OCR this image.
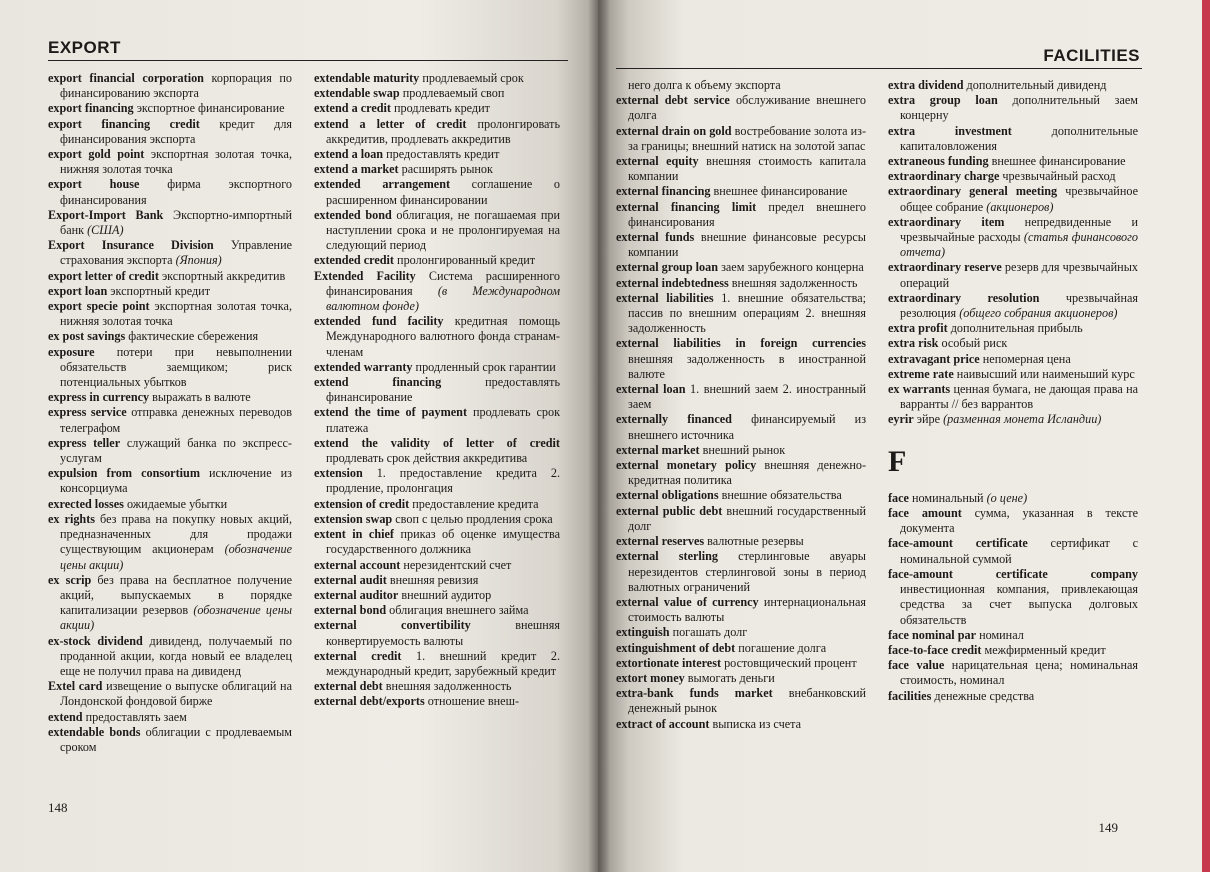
EXPORT
export financial corporation корпорация по финансированию экспорта
export financing экспортное финансирование
export financing credit кредит для финансирования экспорта
export gold point экспортная золотая точка, нижняя золотая точка
export house фирма экспортного финансирования
Export-Import Bank Экспортно-импортный банк (США)
Export Insurance Division Управление страхования экспорта (Япония)
export letter of credit экспортный аккредитив
export loan экспортный кредит
export specie point экспортная золотая точка, нижняя золотая точка
ex post savings фактические сбережения
exposure потери при невыполнении обязательств заемщиком; риск потенциальных убытков
express in currency выражать в валюте
express service отправка денежных переводов телеграфом
express teller служащий банка по экспресс-услугам
expulsion from consortium исключение из консорциума
exrected losses ожидаемые убытки
ex rights без права на покупку новых акций, предназначенных для продажи существующим акционерам (обозначение цены акции)
ex scrip без права на бесплатное получение акций, выпускаемых в порядке капитализации резервов (обозначение цены акции)
ex-stock dividend дивиденд, получаемый по проданной акции, когда новый ее владелец еще не получил права на дивиденд
Extel card извещение о выпуске облигаций на Лондонской фондовой бирже
extend предоставлять заем
extendable bonds облигации с продлеваемым сроком
extendable maturity продлеваемый срок
extendable swap продлеваемый своп
extend a credit продлевать кредит
extend a letter of credit пролонгировать аккредитив, продлевать аккредитив
extend a loan предоставлять кредит
extend a market расширять рынок
extended arrangement соглашение о расширенном финансировании
extended bond облигация, не погашаемая при наступлении срока и не пролонгируемая на следующий период
extended credit пролонгированный кредит
Extended Facility Система расширенного финансирования (в Международном валютном фонде)
extended fund facility кредитная помощь Международного валютного фонда странам-членам
extended warranty продленный срок гарантии
extend financing	предоставлять финансирование
extend the time of payment продлевать срок платежа
extend the validity of letter of credit продлевать срок действия аккредитива
extension 1. предоставление кредита 2. продление, пролонгация
extension of credit предоставление кредита
extension swap своп с целью продления срока
extent in chief приказ об оценке имущества государственного должника
external account нерезидентский счет
external audit внешняя ревизия
external auditor внешний аудитор
external bond облигация внешнего займа
external convertibility	внешняя конвертируемость валюты
external credit 1. внешний кредит 2. международный кредит, зарубежный кредит
external debt внешняя задолженность
external debt/exports отношение внеш-
148
FACILITIES
него долга к объему экспорта
external debt service обслуживание внешнего долга
external drain on gold востребование золота из-за границы; внешний натиск на золотой запас
external equity внешняя стоимость капитала компании
external financing внешнее финансирование
external financing limit предел внешнего финансирования
external funds внешние финансовые ресурсы компании
external group loan заем зарубежного концерна
external indebtedness внешняя задолженность
external liabilities 1. внешние обязательства; пассив по внешним операциям 2. внешняя задолженность
external liabilities in foreign currencies внешняя задолженность в иностранной валюте
external loan 1. внешний заем 2. иностранный заем
externally financed финансируемый из внешнего источника
external market внешний рынок
external monetary policy внешняя денежно-кредитная политика
external obligations внешние обязательства
external public debt внешний государственный долг
external reserves валютные резервы
external sterling стерлинговые авуары нерезидентов стерлинговой зоны в период валютных ограничений
external value of currency интернациональная стоимость валюты
extinguish погашать долг
extinguishment of debt погашение долга
extortionate interest ростовщический процент
extort money вымогать деньги
extra-bank funds market внебанковский денежный рынок
extract of account выписка из счета
extra dividend дополнительный дивиденд
extra group loan дополнительный заем концерну
extra investment	дополнительные капиталовложения
extraneous funding внешнее финансирование
extraordinary charge чрезвычайный расход
extraordinary general meeting чрезвычайное общее собрание (акционеров)
extraordinary item непредвиденные и чрезвычайные расходы (статья финансового отчета)
extraordinary reserve резерв для чрезвычайных операций
extraordinary resolution чрезвычайная резолюция (общего собрания акционеров)
extra profit дополнительная прибыль
extra risk особый риск
extravagant price непомерная цена
extreme rate наивысший или наименьший курс
ex warrants ценная бумага, не дающая права на варранты // без варрантов
eyrir эйре (разменная монета Исландии)
F
face номинальный (о цене)
face amount сумма, указанная в тексте документа
face-amount certificate сертификат с номинальной суммой
face-amount certificate company инвестиционная компания, привлекающая средства за счет выпуска долговых обязательств
face nominal par номинал
face-to-face credit межфирменный кредит
face value нарицательная цена; номинальная стоимость, номинал
facilities денежные средства
149
